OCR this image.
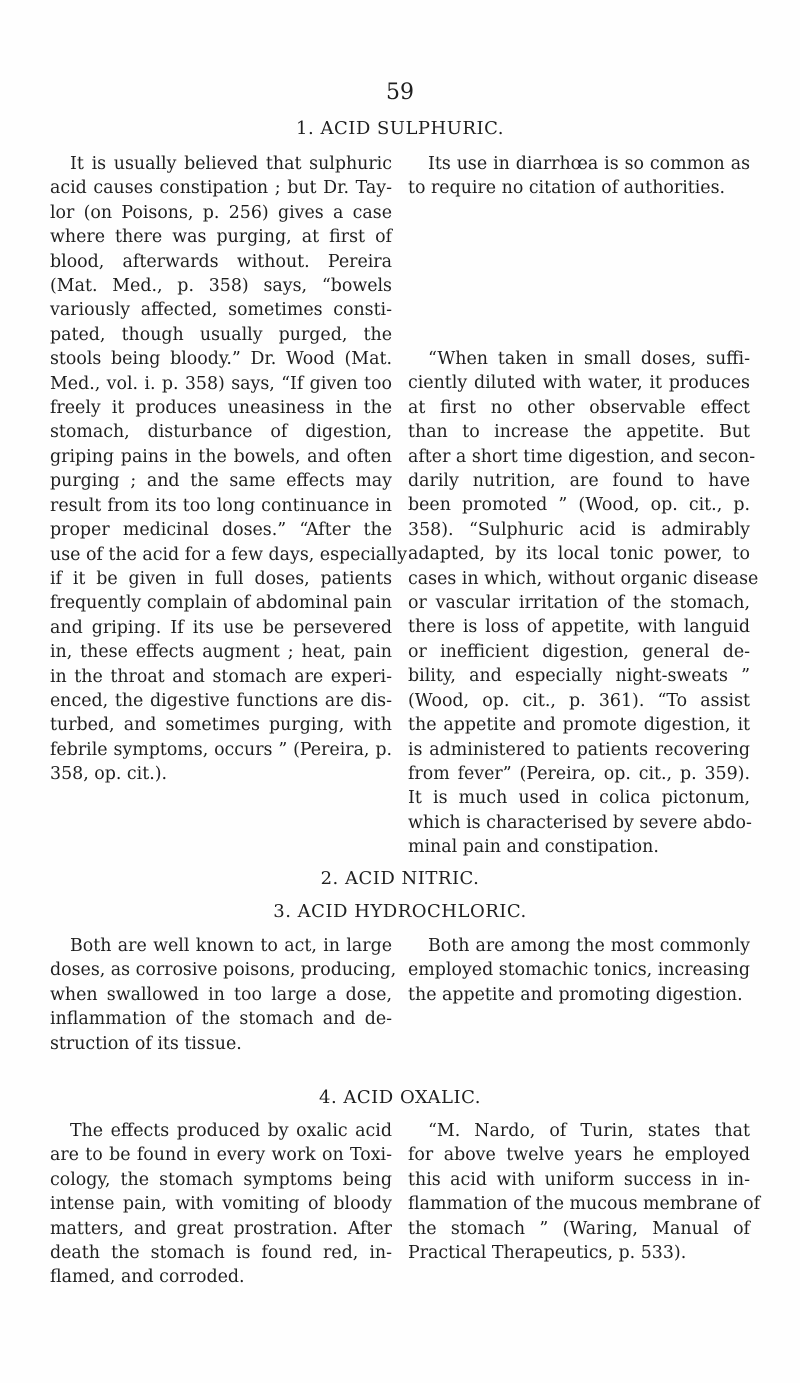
59
1. ACID SULPHURIC.
It is usually believed that sulphuric
acid causes constipation ; but Dr. Tay-
lor (on Poisons, p. 256) gives a case
where there was purging, at first of
blood, afterwards without. Pereira
(Mat. Med., p. 358) says, “bowels
variously affected, sometimes consti-
pated, though usually purged, the
stools being bloody.” Dr. Wood (Mat.
Med., vol. i. p. 358) says, “If given too
freely it produces uneasiness in the
stomach, disturbance of digestion,
griping pains in the bowels, and often
purging ; and the same effects may
result from its too long continuance in
proper medicinal doses.” “After the
use of the acid for a few days, especially
if it be given in full doses, patients
frequently complain of abdominal pain
and griping. If its use be persevered
in, these effects augment ; heat, pain
in the throat and stomach are experi-
enced, the digestive functions are dis-
turbed, and sometimes purging, with
febrile symptoms, occurs ” (Pereira, p.
358, op. cit.).
Its use in diarrhœa is so common as
to require no citation of authorities.
“When taken in small doses, suffi-
ciently diluted with water, it produces
at first no other observable effect
than to increase the appetite. But
after a short time digestion, and secon-
darily nutrition, are found to have
been promoted ” (Wood, op. cit., p.
358). “Sulphuric acid is admirably
adapted, by its local tonic power, to
cases in which, without organic disease
or vascular irritation of the stomach,
there is loss of appetite, with languid
or inefficient digestion, general de-
bility, and especially night-sweats ”
(Wood, op. cit., p. 361). “To assist
the appetite and promote digestion, it
is administered to patients recovering
from fever” (Pereira, op. cit., p. 359).
It is much used in colica pictonum,
which is characterised by severe abdo-
minal pain and constipation.
2. ACID NITRIC.
3. ACID HYDROCHLORIC.
Both are well known to act, in large
doses, as corrosive poisons, producing,
when swallowed in too large a dose,
inflammation of the stomach and de-
struction of its tissue.
Both are among the most commonly
employed stomachic tonics, increasing
the appetite and promoting digestion.
4. ACID OXALIC.
The effects produced by oxalic acid
are to be found in every work on Toxi-
cology, the stomach symptoms being
intense pain, with vomiting of bloody
matters, and great prostration. After
death the stomach is found red, in-
flamed, and corroded.
“M. Nardo, of Turin, states that
for above twelve years he employed
this acid with uniform success in in-
flammation of the mucous membrane of
the stomach ” (Waring, Manual of
Practical Therapeutics, p. 533).
